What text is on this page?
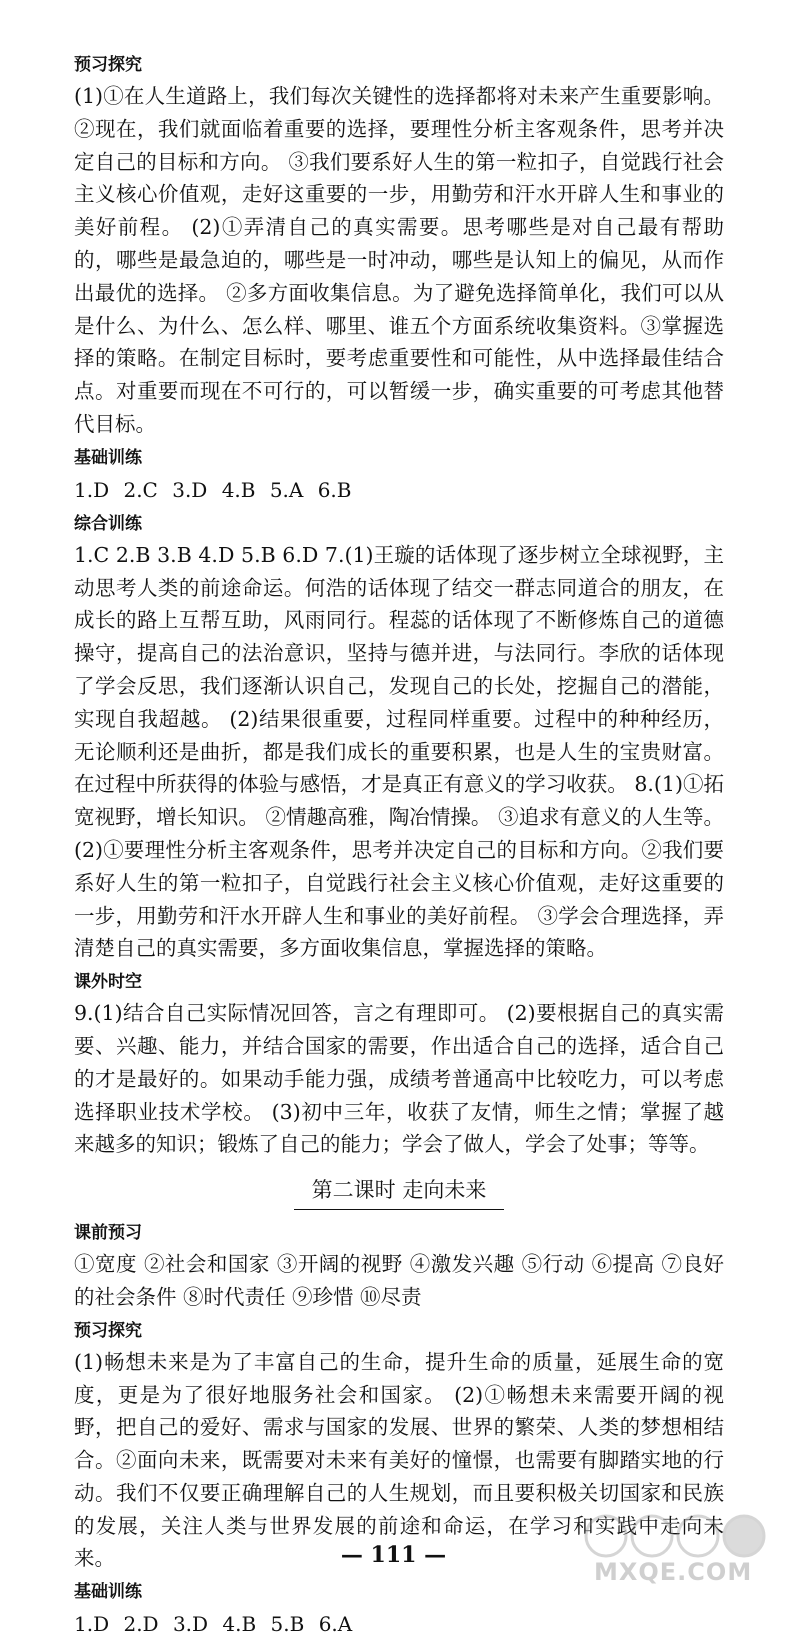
预习探究

(1)①在人生道路上，我们每次关键性的选择都将对未来产生重要影响。 ②现在，我们就面临着重要的选择，要理性分析主客观条件，思考并决定自己的目标和方向。 ③我们要系好人生的第一粒扣子，自觉践行社会主义核心价值观，走好这重要的一步，用勤劳和汗水开辟人生和事业的美好前程。 (2)①弄清自己的真实需要。思考哪些是对自己最有帮助的，哪些是最急迫的，哪些是一时冲动，哪些是认知上的偏见，从而作出最优的选择。 ②多方面收集信息。为了避免选择简单化，我们可以从是什么、为什么、怎么样、哪里、谁五个方面系统收集资料。③掌握选择的策略。在制定目标时，要考虑重要性和可能性，从中选择最佳结合点。对重要而现在不可行的，可以暂缓一步，确实重要的可考虑其他替代目标。

基础训练

1.D 2.C 3.D 4.B 5.A 6.B

综合训练

1.C 2.B 3.B 4.D 5.B 6.D 7.(1)王璇的话体现了逐步树立全球视野，主动思考人类的前途命运。何浩的话体现了结交一群志同道合的朋友，在成长的路上互帮互助，风雨同行。程蕊的话体现了不断修炼自己的道德操守，提高自己的法治意识，坚持与德并进，与法同行。李欣的话体现了学会反思，我们逐渐认识自己，发现自己的长处，挖掘自己的潜能，实现自我超越。 (2)结果很重要，过程同样重要。过程中的种种经历，无论顺利还是曲折，都是我们成长的重要积累，也是人生的宝贵财富。在过程中所获得的体验与感悟，才是真正有意义的学习收获。 8.(1)①拓宽视野，增长知识。 ②情趣高雅，陶冶情操。 ③追求有意义的人生等。 (2)①要理性分析主客观条件，思考并决定自己的目标和方向。②我们要系好人生的第一粒扣子，自觉践行社会主义核心价值观，走好这重要的一步，用勤劳和汗水开辟人生和事业的美好前程。 ③学会合理选择，弄清楚自己的真实需要，多方面收集信息，掌握选择的策略。

课外时空

9.(1)结合自己实际情况回答，言之有理即可。 (2)要根据自己的真实需要、兴趣、能力，并结合国家的需要，作出适合自己的选择，适合自己的才是最好的。如果动手能力强，成绩考普通高中比较吃力，可以考虑选择职业技术学校。 (3)初中三年，收获了友情，师生之情；掌握了越来越多的知识；锻炼了自己的能力；学会了做人，学会了处事；等等。

第二课时 走向未来
课前预习

①宽度 ②社会和国家 ③开阔的视野 ④激发兴趣 ⑤行动 ⑥提高 ⑦良好的社会条件 ⑧时代责任 ⑨珍惜 ⑩尽责

预习探究

(1)畅想未来是为了丰富自己的生命，提升生命的质量，延展生命的宽度，更是为了很好地服务社会和国家。 (2)①畅想未来需要开阔的视野，把自己的爱好、需求与国家的发展、世界的繁荣、人类的梦想相结合。②面向未来，既需要对未来有美好的憧憬，也需要有脚踏实地的行动。我们不仅要正确理解自己的人生规划，而且要积极关切国家和民族的发展，关注人类与世界发展的前途和命运，在学习和实践中走向未来。

基础训练

1.D 2.D 3.D 4.B 5.B 6.A

— 111 —
MXQE.COM
